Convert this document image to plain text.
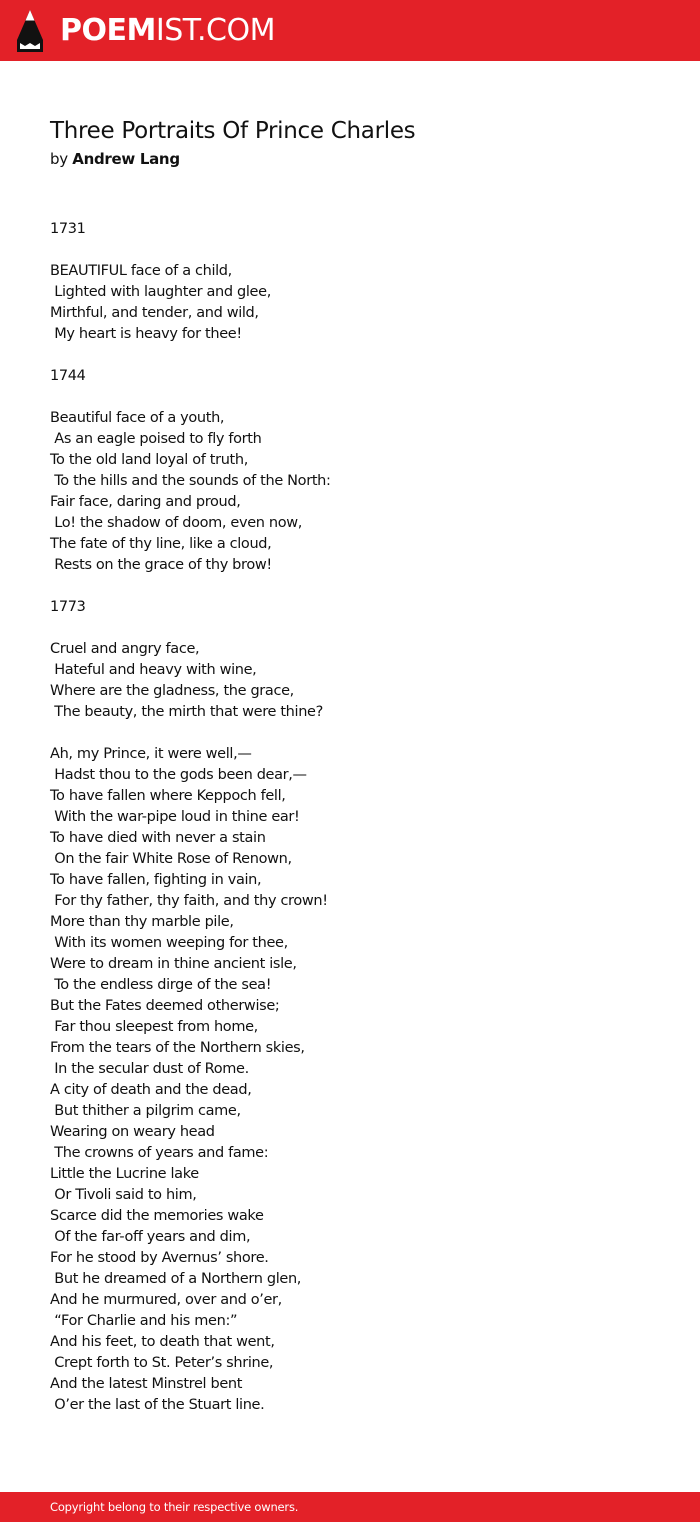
POEMIST.COM
Three Portraits Of Prince Charles
by Andrew Lang
1731
BEAUTIFUL face of a child,
Lighted with laughter and glee,
Mirthful, and tender, and wild,
My heart is heavy for thee!
1744
Beautiful face of a youth,
As an eagle poised to fly forth
To the old land loyal of truth,
To the hills and the sounds of the North:
Fair face, daring and proud,
Lo! the shadow of doom, even now,
The fate of thy line, like a cloud,
Rests on the grace of thy brow!
1773
Cruel and angry face,
Hateful and heavy with wine,
Where are the gladness, the grace,
The beauty, the mirth that were thine?
Ah, my Prince, it were well,—
Hadst thou to the gods been dear,—
To have fallen where Keppoch fell,
With the war-pipe loud in thine ear!
To have died with never a stain
On the fair White Rose of Renown,
To have fallen, fighting in vain,
For thy father, thy faith, and thy crown!
More than thy marble pile,
With its women weeping for thee,
Were to dream in thine ancient isle,
To the endless dirge of the sea!
But the Fates deemed otherwise;
Far thou sleepest from home,
From the tears of the Northern skies,
In the secular dust of Rome.
A city of death and the dead,
But thither a pilgrim came,
Wearing on weary head
The crowns of years and fame:
Little the Lucrine lake
Or Tivoli said to him,
Scarce did the memories wake
Of the far-off years and dim,
For he stood by Avernus’ shore.
But he dreamed of a Northern glen,
And he murmured, over and o’er,
“For Charlie and his men:”
And his feet, to death that went,
Crept forth to St. Peter’s shrine,
And the latest Minstrel bent
O’er the last of the Stuart line.
Copyright belong to their respective owners.
